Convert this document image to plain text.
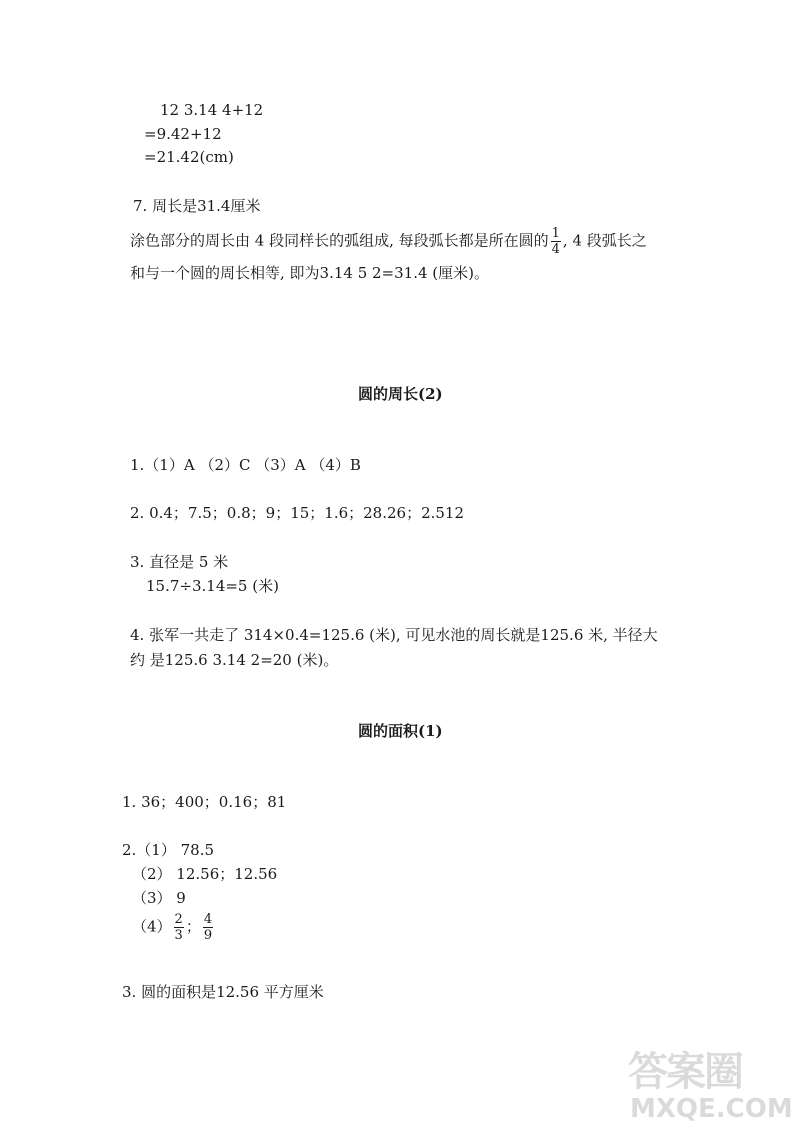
12 3.14 4+12
=9.42+12
=21.42(cm)
7. 周长是31.4厘米
涂色部分的周长由 4 段同样长的弧组成, 每段弧长都是所在圆的 $\frac{1}{4}$ , 4 段弧长之
和与一个圆的周长相等, 即为3.14 5 2=31.4 (厘米)。
圆的周长(2)
1.（1）A （2）C （3）A （4）B
2. 0.4；7.5；0.8；9；15；1.6；28.26；2.512
3. 直径是 5 米
15.7÷3.14=5 (米)
4. 张军一共走了 314×0.4=125.6 (米), 可见水池的周长就是125.6 米, 半径大
约 是125.6 3.14 2=20 (米)。
圆的面积(1)
1. 36；400；0.16；81
2.（1） 78.5
（2） 12.56；12.56
（3） 9
$(4) \frac{2}{3}$ ； $\frac{4}{9}$
3. 圆的面积是12.56 平方厘米
答案圈
MXQE.COM
